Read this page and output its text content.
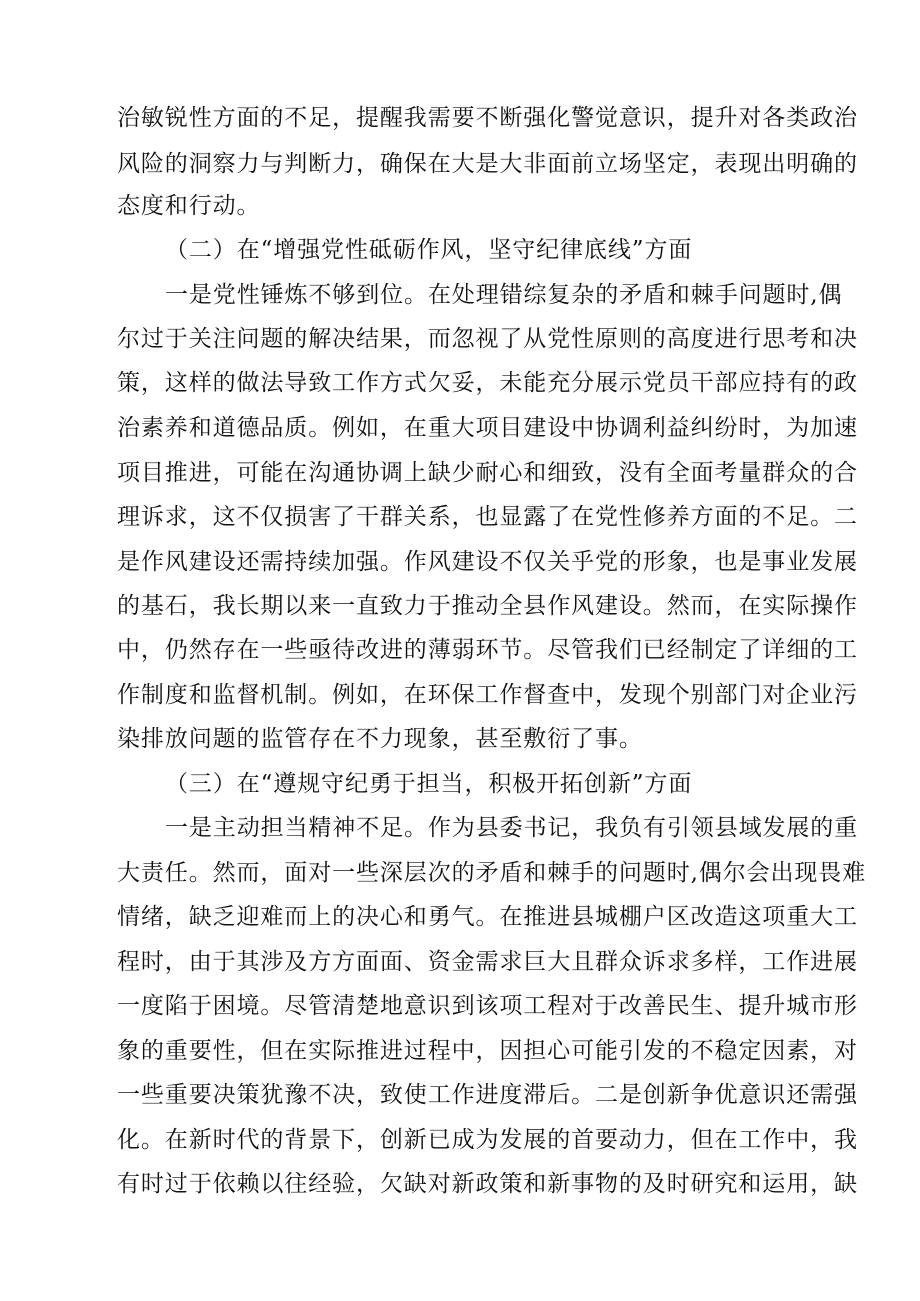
治敏锐性方面的不足，提醒我需要不断强化警觉意识，提升对各类政治
风险的洞察力与判断力，确保在大是大非面前立场坚定，表现出明确的
态度和行动。
（二）在“增强党性砥砺作风，坚守纪律底线”方面
一是党性锤炼不够到位。在处理错综复杂的矛盾和棘手问题时,偶
尔过于关注问题的解决结果，而忽视了从党性原则的高度进行思考和决
策，这样的做法导致工作方式欠妥，未能充分展示党员干部应持有的政
治素养和道德品质。例如，在重大项目建设中协调利益纠纷时，为加速
项目推进，可能在沟通协调上缺少耐心和细致，没有全面考量群众的合
理诉求，这不仅损害了干群关系，也显露了在党性修养方面的不足。二
是作风建设还需持续加强。作风建设不仅关乎党的形象，也是事业发展
的基石，我长期以来一直致力于推动全县作风建设。然而，在实际操作
中，仍然存在一些亟待改进的薄弱环节。尽管我们已经制定了详细的工
作制度和监督机制。例如，在环保工作督查中，发现个别部门对企业污
染排放问题的监管存在不力现象，甚至敷衍了事。
（三）在“遵规守纪勇于担当，积极开拓创新”方面
一是主动担当精神不足。作为县委书记，我负有引领县域发展的重
大责任。然而，面对一些深层次的矛盾和棘手的问题时,偶尔会出现畏难
情绪，缺乏迎难而上的决心和勇气。在推进县城棚户区改造这项重大工
程时，由于其涉及方方面面、资金需求巨大且群众诉求多样，工作进展
一度陷于困境。尽管清楚地意识到该项工程对于改善民生、提升城市形
象的重要性，但在实际推进过程中，因担心可能引发的不稳定因素，对
一些重要决策犹豫不决，致使工作进度滞后。二是创新争优意识还需强
化。在新时代的背景下，创新已成为发展的首要动力，但在工作中，我
有时过于依赖以往经验，欠缺对新政策和新事物的及时研究和运用，缺
